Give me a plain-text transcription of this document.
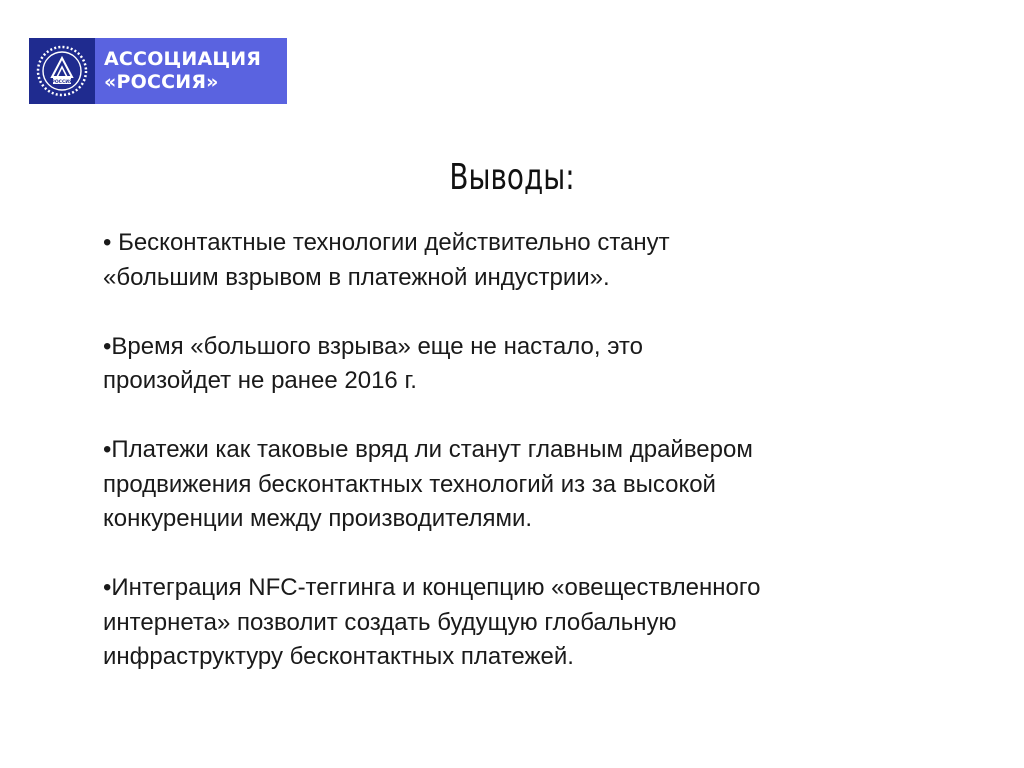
РОССИЯ
АССОЦИАЦИЯ
«РОССИЯ»
Выводы:

• Бесконтактные технологии действительно станут
«большим взрывом в платежной индустрии».

•Время «большого взрыва» еще не настало, это
произойдет не ранее 2016 г.

•Платежи как таковые вряд ли станут главным драйвером
продвижения бесконтактных технологий из за высокой
конкуренции между производителями.

•Интеграция NFC-теггинга и концепцию «овеществленного
интернета» позволит создать будущую глобальную
инфраструктуру бесконтактных платежей.
